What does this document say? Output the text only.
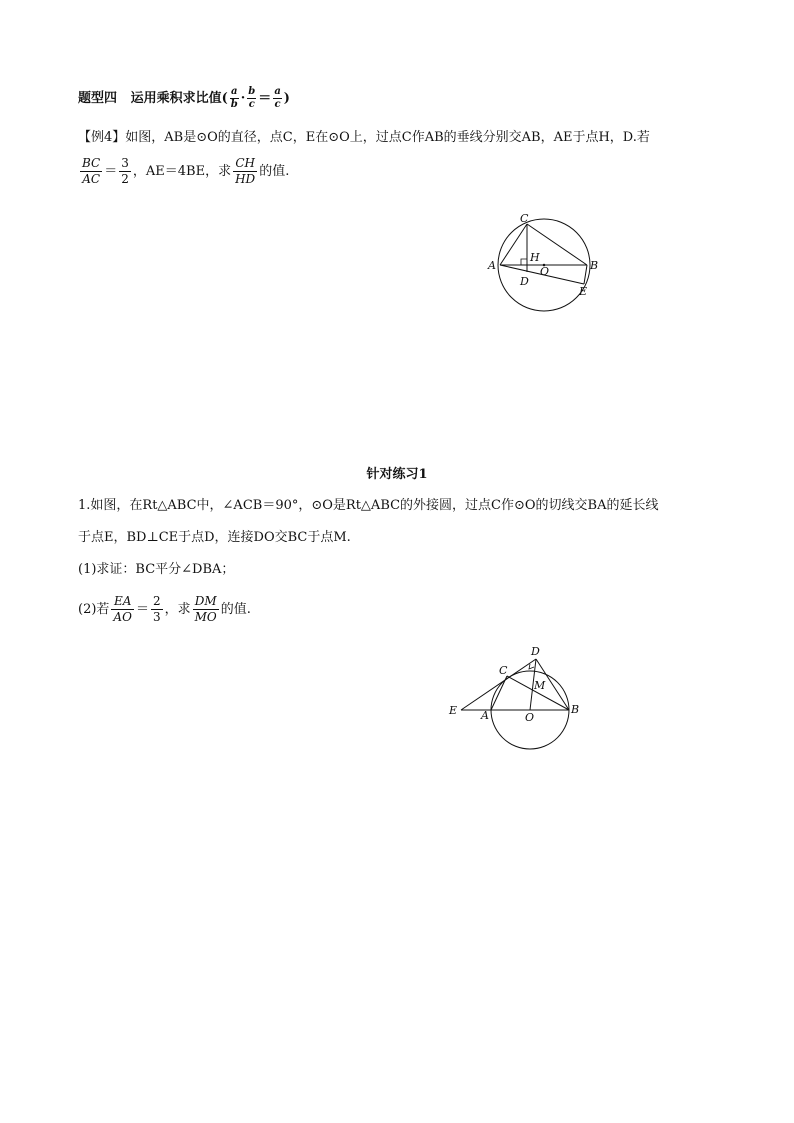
题型四 运用乘积求比值( $\frac{a}{b} \cdot \frac{b}{c} = \frac{a}{c}$ )
【例4】如图，AB是⊙O的直径，点C，E在⊙O上，过点C作AB的垂线分别交AB，AE于点H，D.若
$\frac{BC}{AC} = \frac{3}{2}$ ，AE＝4BE，求 $\frac{CH}{HD}$ 的值.
C
A	B
H
O
D
E
针对练习1
1.如图，在Rt△ABC中，∠ACB＝90°，⊙O是Rt△ABC的外接圆，过点C作⊙O的切线交BA的延长线
于点E，BD⊥CE于点D，连接DO交BC于点M.
(1)求证：BC平分∠DBA；
(2)若 $\frac{EA}{AO} = \frac{2}{3}$ ，求 $\frac{DM}{MO}$ 的值.
C
D
M
E A	O
B
